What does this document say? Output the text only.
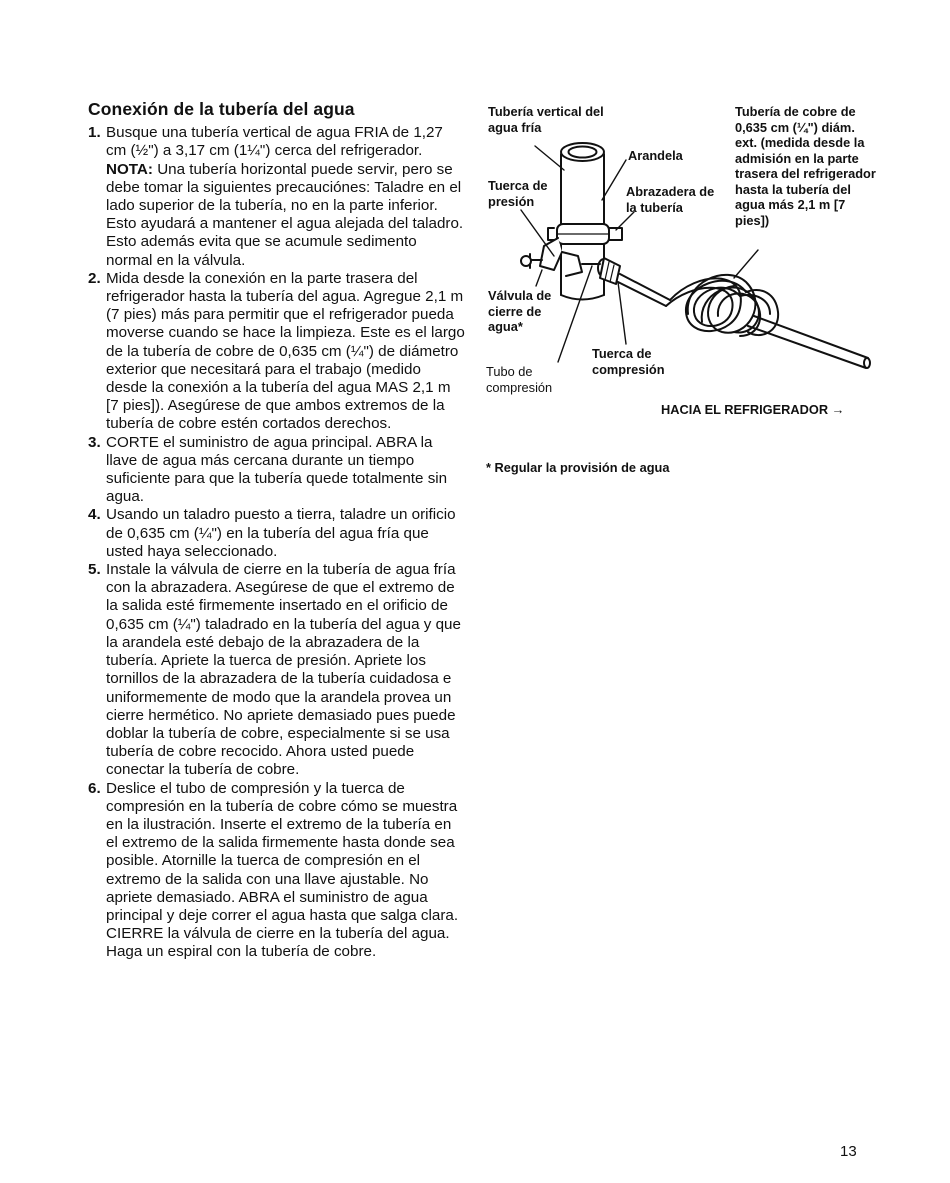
Conexión de la tubería del agua
1. Busque una tubería vertical de agua FRIA de 1,27 cm (½") a 3,17 cm (1¼") cerca del refrigerador.
NOTA: Una tubería horizontal puede servir, pero se debe tomar la siguientes precauciónes: Taladre en el lado superior de la tubería, no en la parte inferior. Esto ayudará a mantener el agua alejada del taladro. Esto además evita que se acumule sedimento normal en la válvula.
2. Mida desde la conexión en la parte trasera del refrigerador hasta la tubería del agua. Agregue 2,1 m (7 pies) más para permitir que el refrigerador pueda moverse cuando se hace la limpieza. Este es el largo de la tubería de cobre de 0,635 cm (¼") de diámetro exterior que necesitará para el trabajo (medido desde la conexión a la tubería del agua MAS 2,1 m [7 pies]). Asegúrese de que ambos extremos de la tubería de cobre estén cortados derechos.
3. CORTE el suministro de agua principal. ABRA la llave de agua más cercana durante un tiempo suficiente para que la tubería quede totalmente sin agua.
4. Usando un taladro puesto a tierra, taladre un orificio de 0,635 cm (¼") en la tubería del agua fría que usted haya seleccionado.
5. Instale la válvula de cierre en la tubería de agua fría con la abrazadera. Asegúrese de que el extremo de la salida esté firmemente insertado en el orificio de 0,635 cm (¼") taladrado en la tubería del agua y que la arandela esté debajo de la abrazadera de la tubería. Apriete la tuerca de presión. Apriete los tornillos de la abrazadera de la tubería cuidadosa e uniformemente de modo que la arandela provea un cierre hermético. No apriete demasiado pues puede doblar la tubería de cobre, especialmente si se usa tubería de cobre recocido. Ahora usted puede conectar la tubería de cobre.
6. Deslice el tubo de compresión y la tuerca de compresión en la tubería de cobre cómo se muestra en la ilustración. Inserte el extremo de la tubería en el extremo de la salida firmemente hasta donde sea posible. Atornille la tuerca de compresión en el extremo de la salida con una llave ajustable. No apriete demasiado. ABRA el suministro de agua principal y deje correr el agua hasta que salga clara. CIERRE la válvula de cierre en la tubería del agua. Haga un espiral con la tubería de cobre.
Tubería vertical del agua fría
Arandela
Tuerca de presión
Abrazadera de la tubería
Tubería de cobre de 0,635 cm (¼") diám. ext. (medida desde la admisión en la parte trasera del refrigerador hasta la tubería del agua más 2,1 m [7 pies])
Válvula de cierre de agua*
Tubo de compresión
Tuerca de compresión
HACIA EL REFRIGERADOR →
* Regular la provisión de agua
13
